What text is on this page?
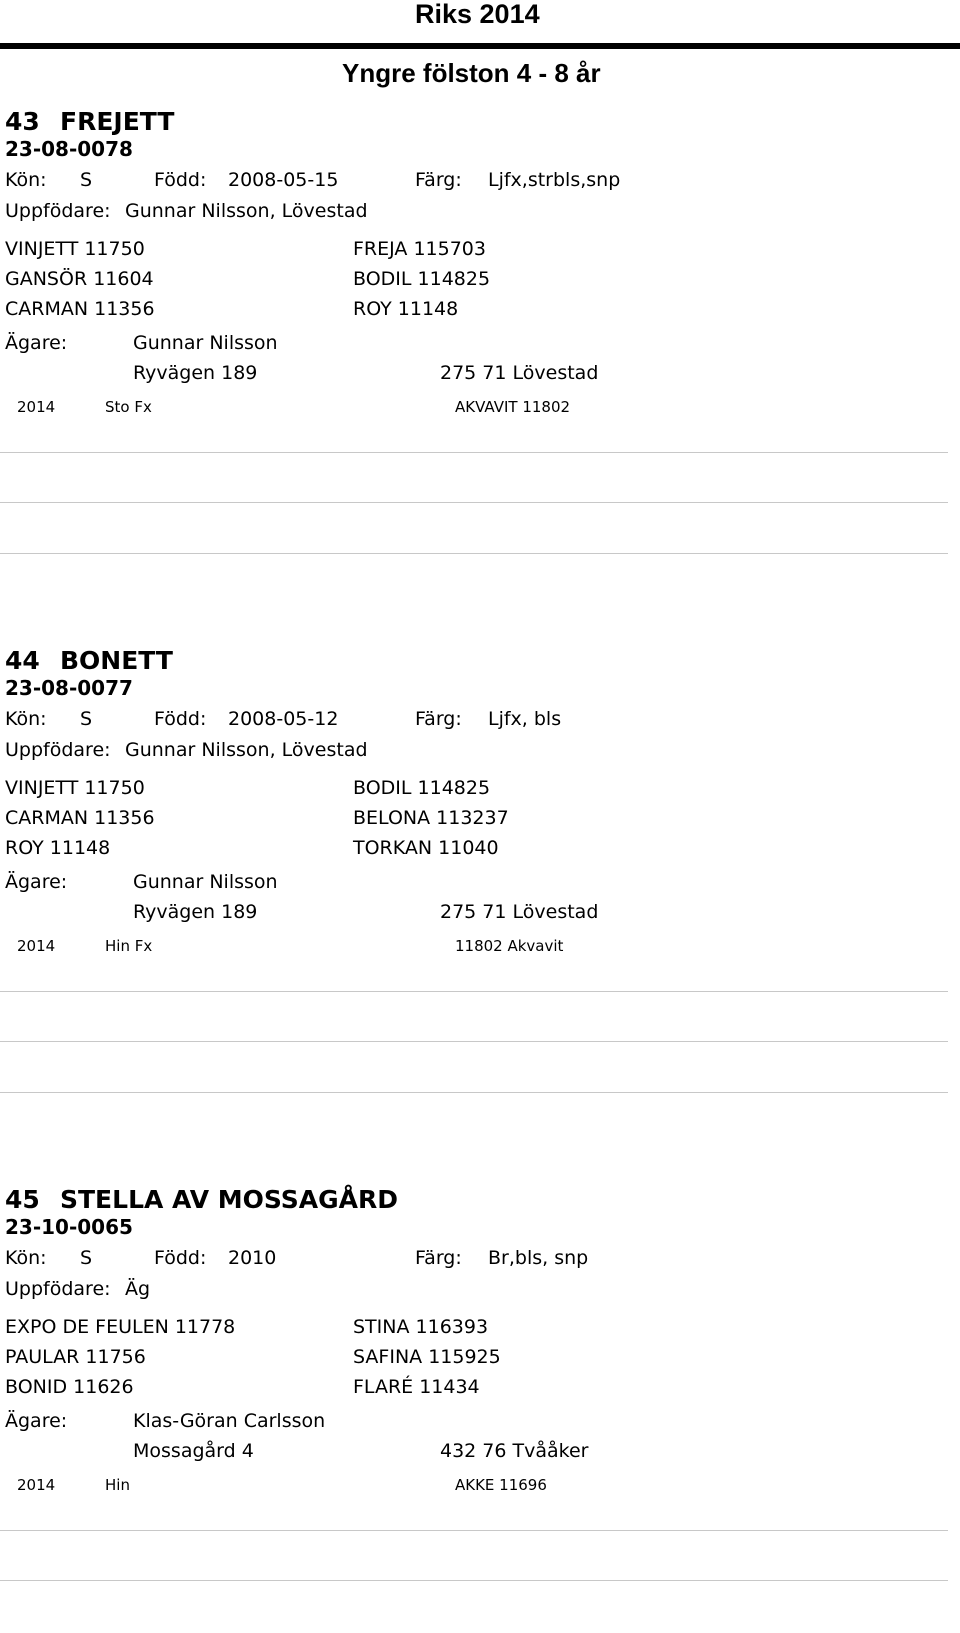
Riks 2014
Yngre fölston 4 - 8 år
43 FREJETT
23-08-0078
Kön: S	Född: 2008-05-15	Färg: Ljfx,strbls,snp
Uppfödare: Gunnar Nilsson, Lövestad
VINJETT 11750	FREJA 115703
GANSÖR 11604	BODIL 114825
CARMAN 11356	ROY 11148
Ägare:	Gunnar Nilsson
Ryvägen 189	275 71 Lövestad
2014	Sto Fx	AKVAVIT 11802
44 BONETT
23-08-0077
Kön: S	Född: 2008-05-12	Färg: Ljfx, bls
Uppfödare: Gunnar Nilsson, Lövestad
VINJETT 11750	BODIL 114825
CARMAN 11356	BELONA 113237
ROY 11148	TORKAN 11040
Ägare:	Gunnar Nilsson
Ryvägen 189	275 71 Lövestad
2014	Hin Fx	11802 Akvavit
45 STELLA AV MOSSAGÅRD
23-10-0065
Kön: S	Född: 2010	Färg: Br,bls, snp
Uppfödare: Äg
EXPO DE FEULEN 11778	STINA 116393
PAULAR 11756	SAFINA 115925
BONID 11626	FLARÉ 11434
Ägare:	Klas-Göran Carlsson
Mossagård 4	432 76 Tvååker
2014	Hin	AKKE 11696
